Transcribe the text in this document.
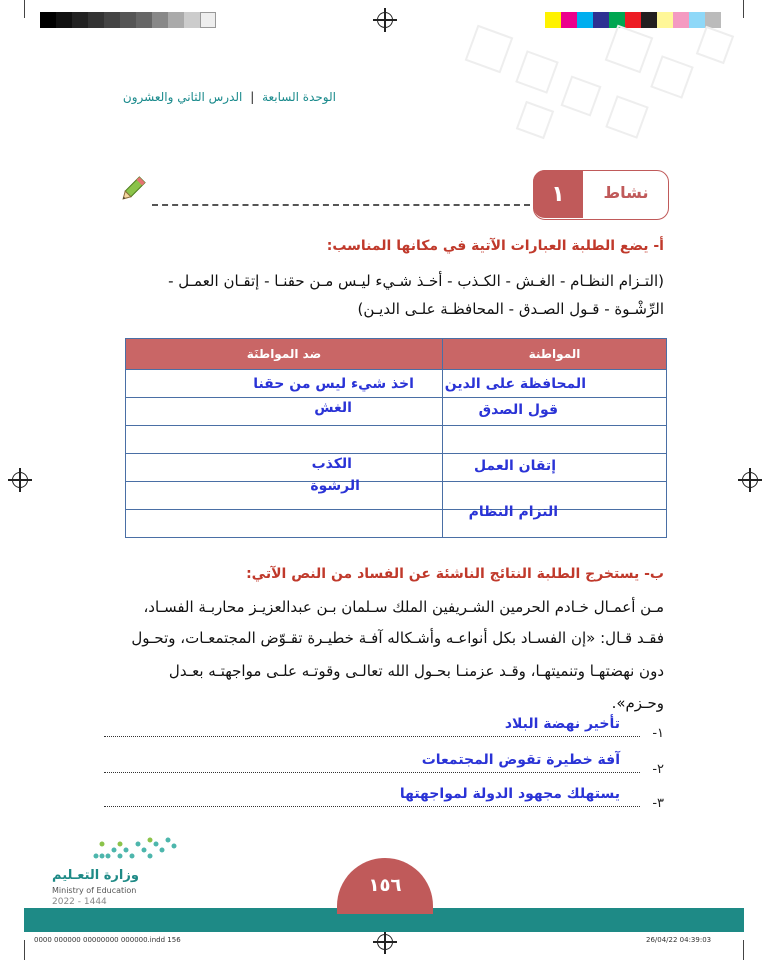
الوحدة السابعة | الدرس الثاني والعشرون
١	نشاط
أ- يضع الطلبة العبارات الآتية في مكانها المناسب:
(التـزام النظـام - الغـش - الكـذب - أخـذ شـيء ليـس مـن حقنـا - إتقـان العمـل -
الرِّشْـوة - قـول الصـدق - المحافظـة علـى الديـن)
المواطنة	ضد المواطنَة

المحافظة على الدين	اخذ شيء ليس من حقنا

قول الصدق	الغش

إتقان العمل	الكذب

	الرشوة

التزام النظام	

ب- يستخرج الطلبة النتائج الناشئة عن الفساد من النص الآتي:
مـن أعمـال خـادم الحرمين الشـريفين الملك سـلمان بـن عبدالعزيـز محاربـة الفسـاد،
فقـد قـال: «إن الفسـاد بكل أنواعـه وأشـكاله آفـة خطيـرة تقـوّض المجتمعـات، وتحـول
دون نهضتهـا وتنميتهـا، وقـد عزمنـا بحـول الله تعالـى وقوتـه علـى مواجهتـه بعـدل
وحـزم».
١-
تأخير نهضة البلاد
٢-
آفة خطيرة تقوض المجتمعات
٣-
يستهلك مجهود الدولة لمواجهتها
وزارة التعـليم
Ministry of Education
2022 - 1444
١٥٦
0000 000000 00000000 000000.indd 156	26/04/22 04:39:03
